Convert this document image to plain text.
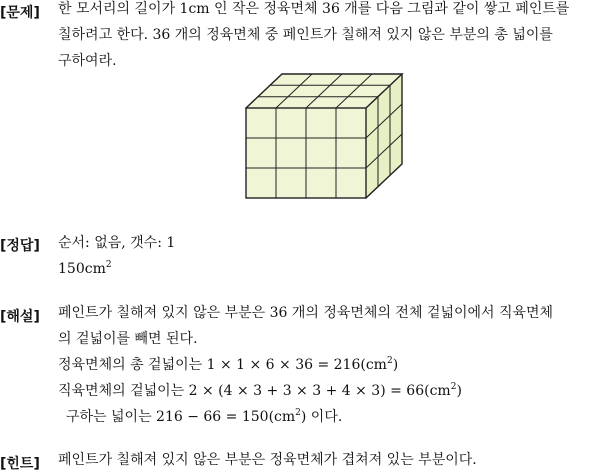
[문제] 한 모서리의 길이가 1cm 인 작은 정육면체 36 개를 다음 그림과 같이 쌓고 페인트를
칠하려고 한다. 36 개의 정육면체 중 페인트가 칠해져 있지 않은 부분의 총 넓이를
구하여라.
[정답] 순서: 없음, 갯수: 1
$150cm^2$
[해설] 페인트가 칠해져 있지 않은 부분은 36 개의 정육면체의 전체 겉넓이에서 직육면체
의 겉넓이를 빼면 된다.
정육면체의 총 겉넓이는 $1 \times 1 \times 6 \times 36 = 216(cm^2)$
직육면체의 겉넓이는 $2 \times (4 \times 3 + 3 \times 3 + 4 \times 3) = 66(cm^2)$
구하는 넓이는 $216 - 66 = 150(cm^2)$ 이다.
[힌트] 페인트가 칠해져 있지 않은 부분은 정육면체가 겹쳐져 있는 부분이다.
